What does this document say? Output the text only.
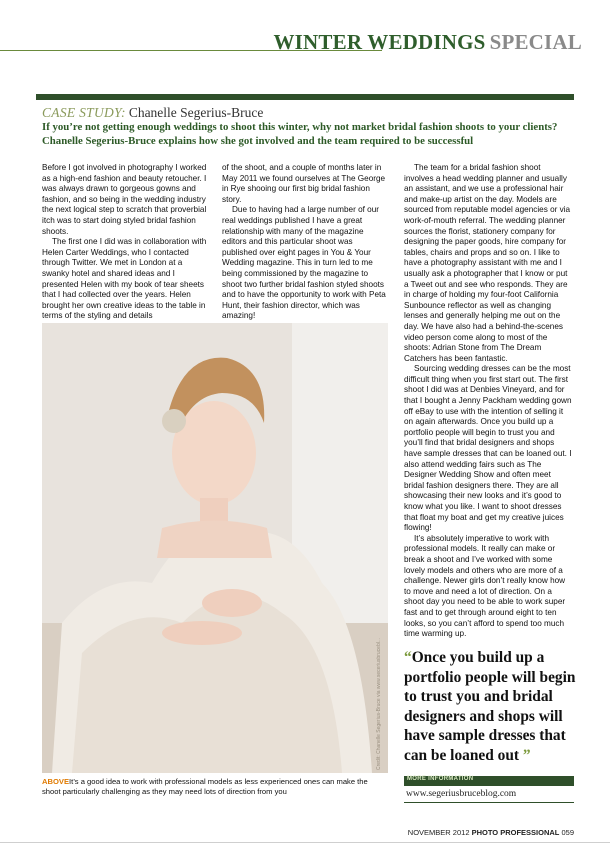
WINTER WEDDINGS SPECIAL
CASE STUDY: Chanelle Segerius-Bruce
If you’re not getting enough weddings to shoot this winter, why not market bridal fashion shoots to your clients? Chanelle Segerius-Bruce explains how she got involved and the team required to be successful

Before I got involved in photography I worked as a high-end fashion and beauty retoucher. I was always drawn to gorgeous gowns and fashion, and so being in the wedding industry the next logical step to scratch that proverbial itch was to start doing styled bridal fashion shoots.

The first one I did was in collaboration with Helen Carter Weddings, who I contacted through Twitter. We met in London at a swanky hotel and shared ideas and I presented Helen with my book of tear sheets that I had collected over the years. Helen brought her own creative ideas to the table in terms of the styling and details

of the shoot, and a couple of months later in May 2011 we found ourselves at The George in Rye shooing our first big bridal fashion story.

Due to having had a large number of our real weddings published I have a great relationship with many of the magazine editors and this particular shoot was published over eight pages in You & Your Wedding magazine. This in turn led to me being commissioned by the magazine to shoot two further bridal fashion styled shoots and to have the opportunity to work with Peta Hunt, their fashion director, which was amazing!

The team for a bridal fashion shoot involves a head wedding planner and usually an assistant, and we use a professional hair and make-up artist on the day. Models are sourced from reputable model agencies or via work-of-mouth referral. The wedding planner sources the florist, stationery company for designing the paper goods, hire company for tables, chairs and props and so on. I like to have a photography assistant with me and I usually ask a photographer that I know or put a Tweet out and see who responds. They are in charge of holding my four-foot California Sunbounce reflector as well as changing lenses and generally helping me out on the day. We have also had a behind-the-scenes video person come along to most of the shoots: Adrian Stone from The Dream Catchers has been fantastic.

Sourcing wedding dresses can be the most difficult thing when you first start out. The first shoot I did was at Denbies Vineyard, and for that I bought a Jenny Packham wedding gown off eBay to use with the intention of selling it on again afterwards. Once you build up a portfolio people will begin to trust you and you’ll find that bridal designers and shops have sample dresses that can be loaned out. I also attend wedding fairs such as The Designer Wedding Show and often meet bridal fashion designers there. They are all showcasing their new looks and it’s good to know what you like. I want to shoot dresses that float my boat and get my creative juices flowing!

It’s absolutely imperative to work with professional models. It really can make or break a shoot and I’ve worked with some lovely models and others who are more of a challenge. Newer girls don’t really know how to move and need a lot of direction. On a shoot day you need to be able to work super fast and to get through around eight to ten looks, so you can’t afford to spend too much time warming up.

Credit: Chanelle Segerius-Bruce via www.seceriusbrucebl... “Once you build up a portfolio people will begin to trust you and bridal designers and shops will have sample dresses that can be loaned out ”
ABOVEIt’s a good idea to work with professional models as less experienced ones can make the shoot particularly challenging as they may need lots of direction from you
MORE INFORMATION
www.segeriusbruceblog.com
NOVEMBER 2012 PHOTO PROFESSIONAL 059
